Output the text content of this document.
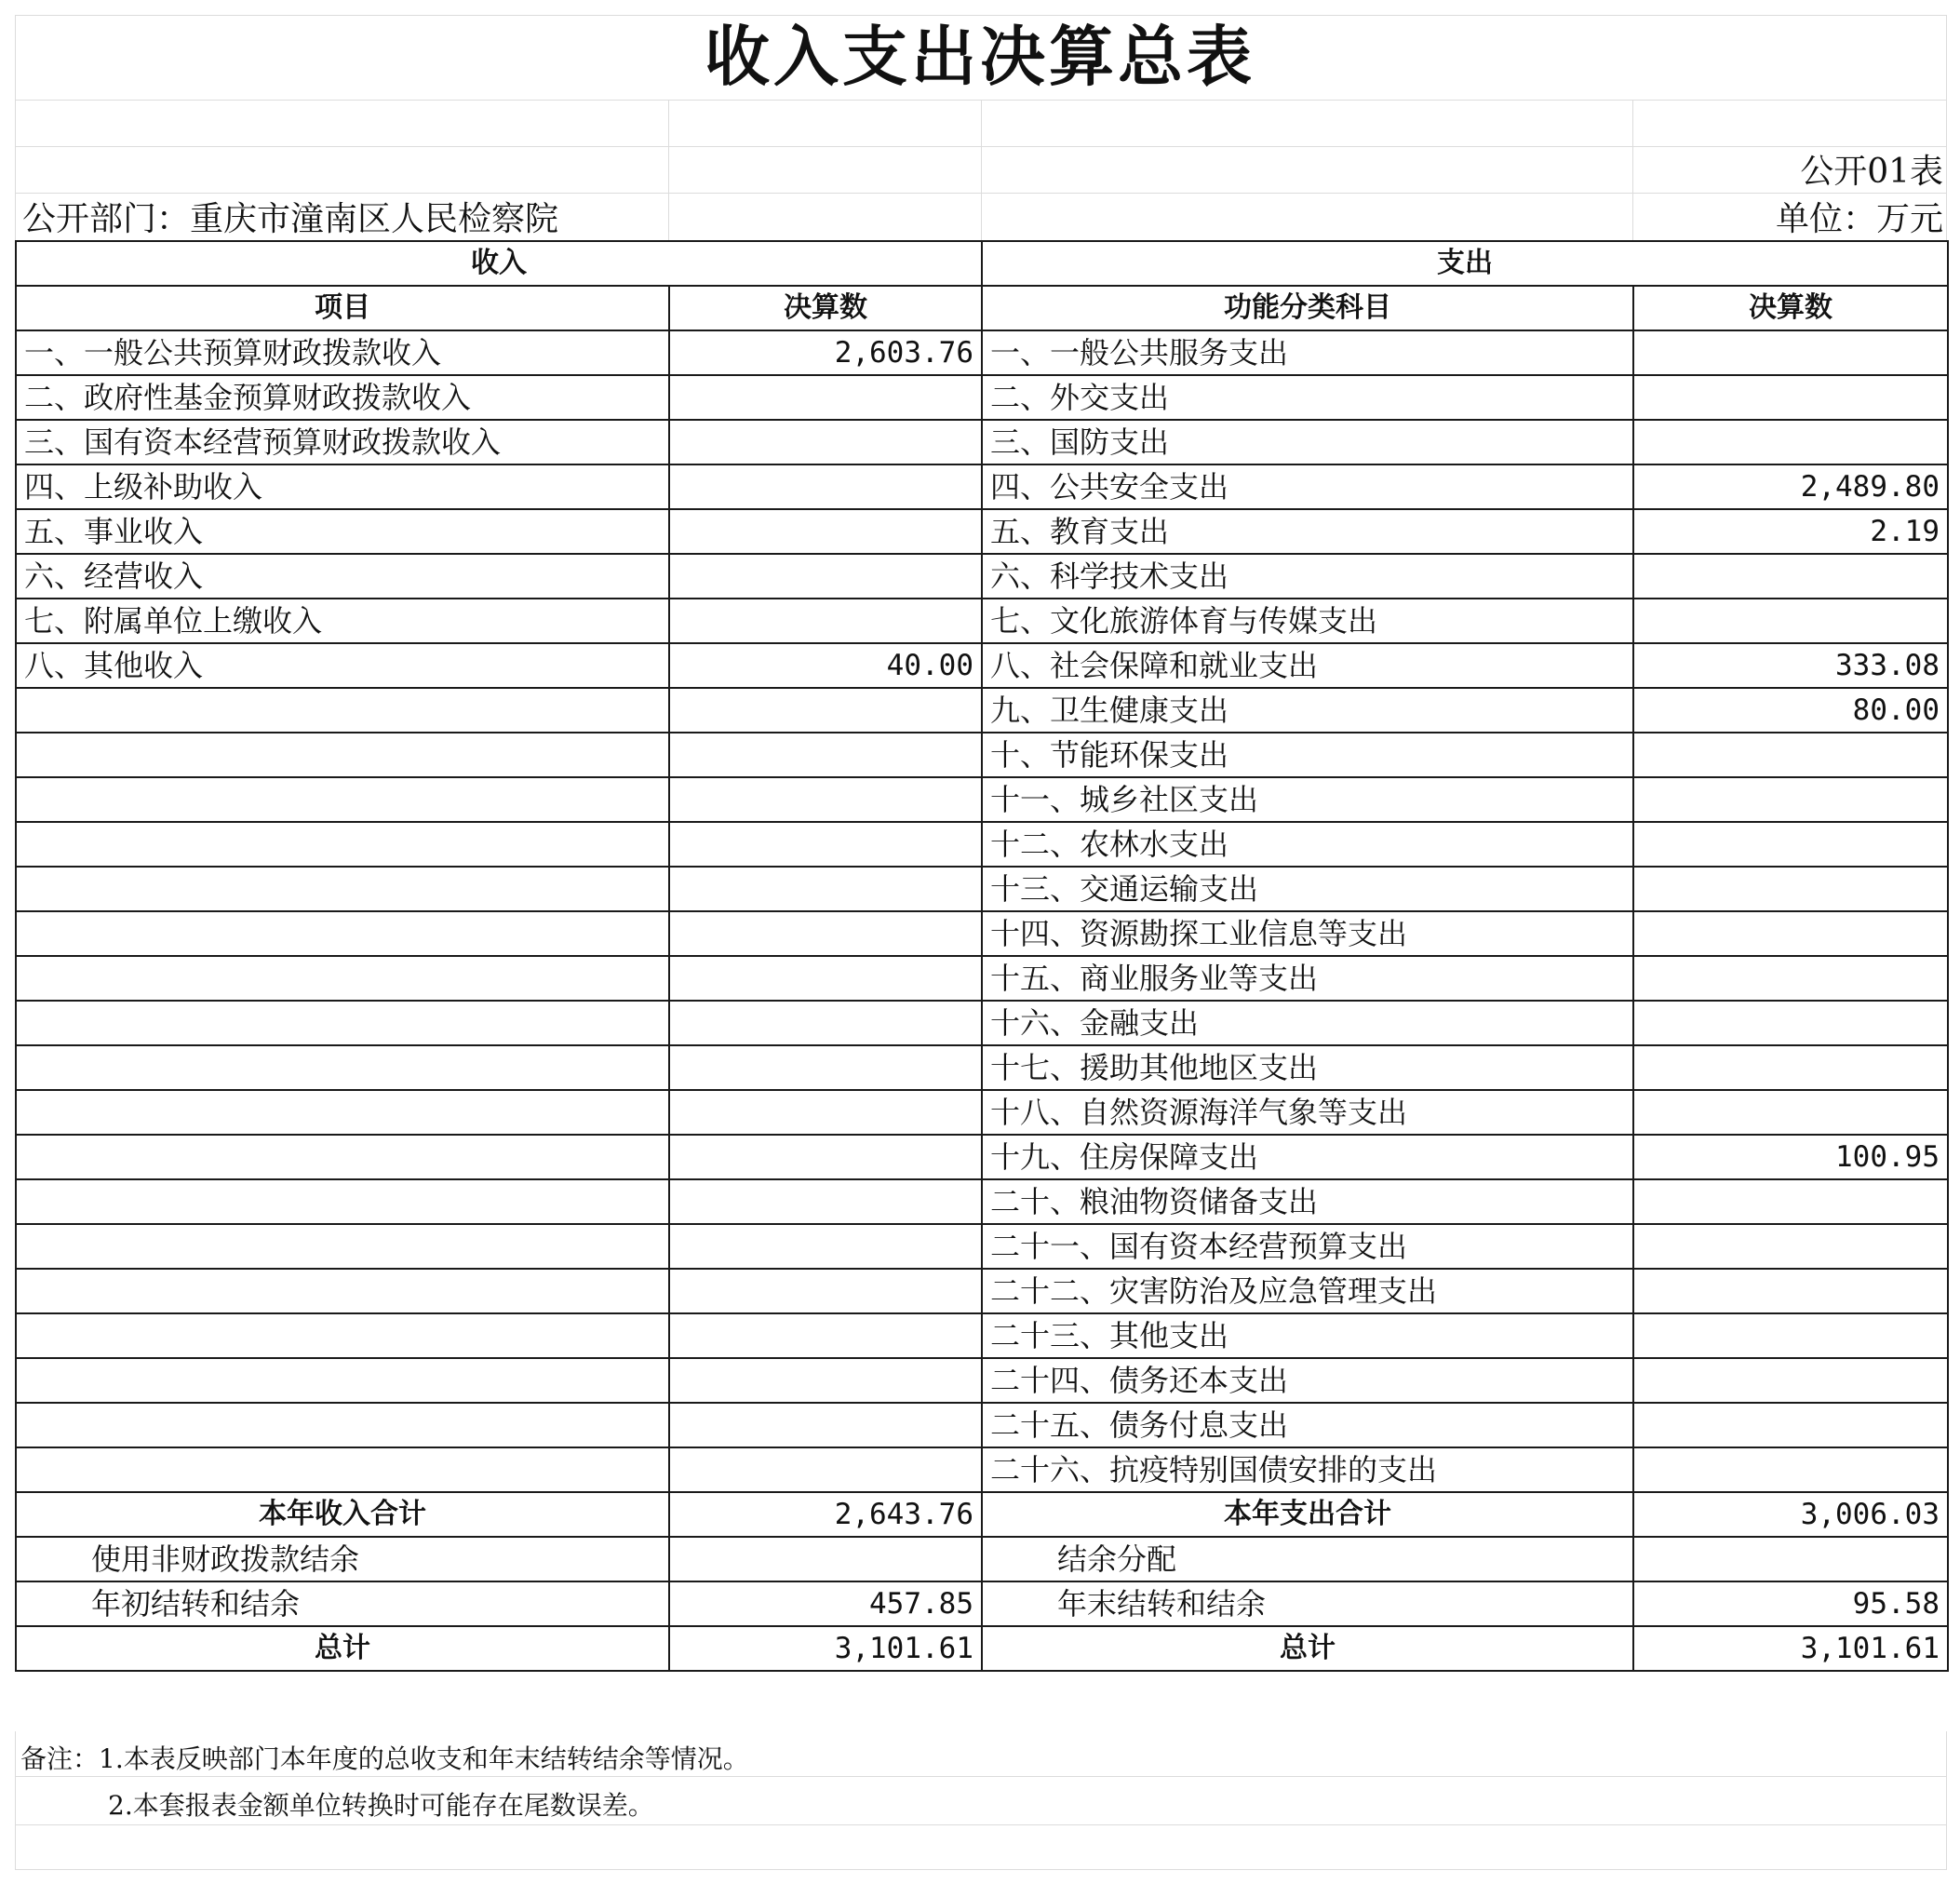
收入支出决算总表
公开01表
公开部门：重庆市潼南区人民检察院	单位：万元
收入		支出	
项目	决算数	功能分类科目	决算数
一、一般公共预算财政拨款收入	2,603.76	一、一般公共服务支出	
二、政府性基金预算财政拨款收入		二、外交支出	
三、国有资本经营预算财政拨款收入		三、国防支出	
四、上级补助收入		四、公共安全支出	2,489.80
五、事业收入		五、教育支出	2.19
六、经营收入		六、科学技术支出	
七、附属单位上缴收入		七、文化旅游体育与传媒支出	
八、其他收入	40.00	八、社会保障和就业支出	333.08
		九、卫生健康支出	80.00
		十、节能环保支出	
		十一、城乡社区支出	
		十二、农林水支出	
		十三、交通运输支出	
		十四、资源勘探工业信息等支出	
		十五、商业服务业等支出	
		十六、金融支出	
		十七、援助其他地区支出	
		十八、自然资源海洋气象等支出	
		十九、住房保障支出	100.95
		二十、粮油物资储备支出	
		二十一、国有资本经营预算支出	
		二十二、灾害防治及应急管理支出	
		二十三、其他支出	
		二十四、债务还本支出	
		二十五、债务付息支出	
		二十六、抗疫特别国债安排的支出	
本年收入合计	2,643.76	本年支出合计	3,006.03
使用非财政拨款结余		结余分配	
年初结转和结余	457.85	年末结转和结余	95.58
总计	3,101.61	总计	3,101.61
备注：1.本表反映部门本年度的总收支和年末结转结余等情况。
2.本套报表金额单位转换时可能存在尾数误差。
